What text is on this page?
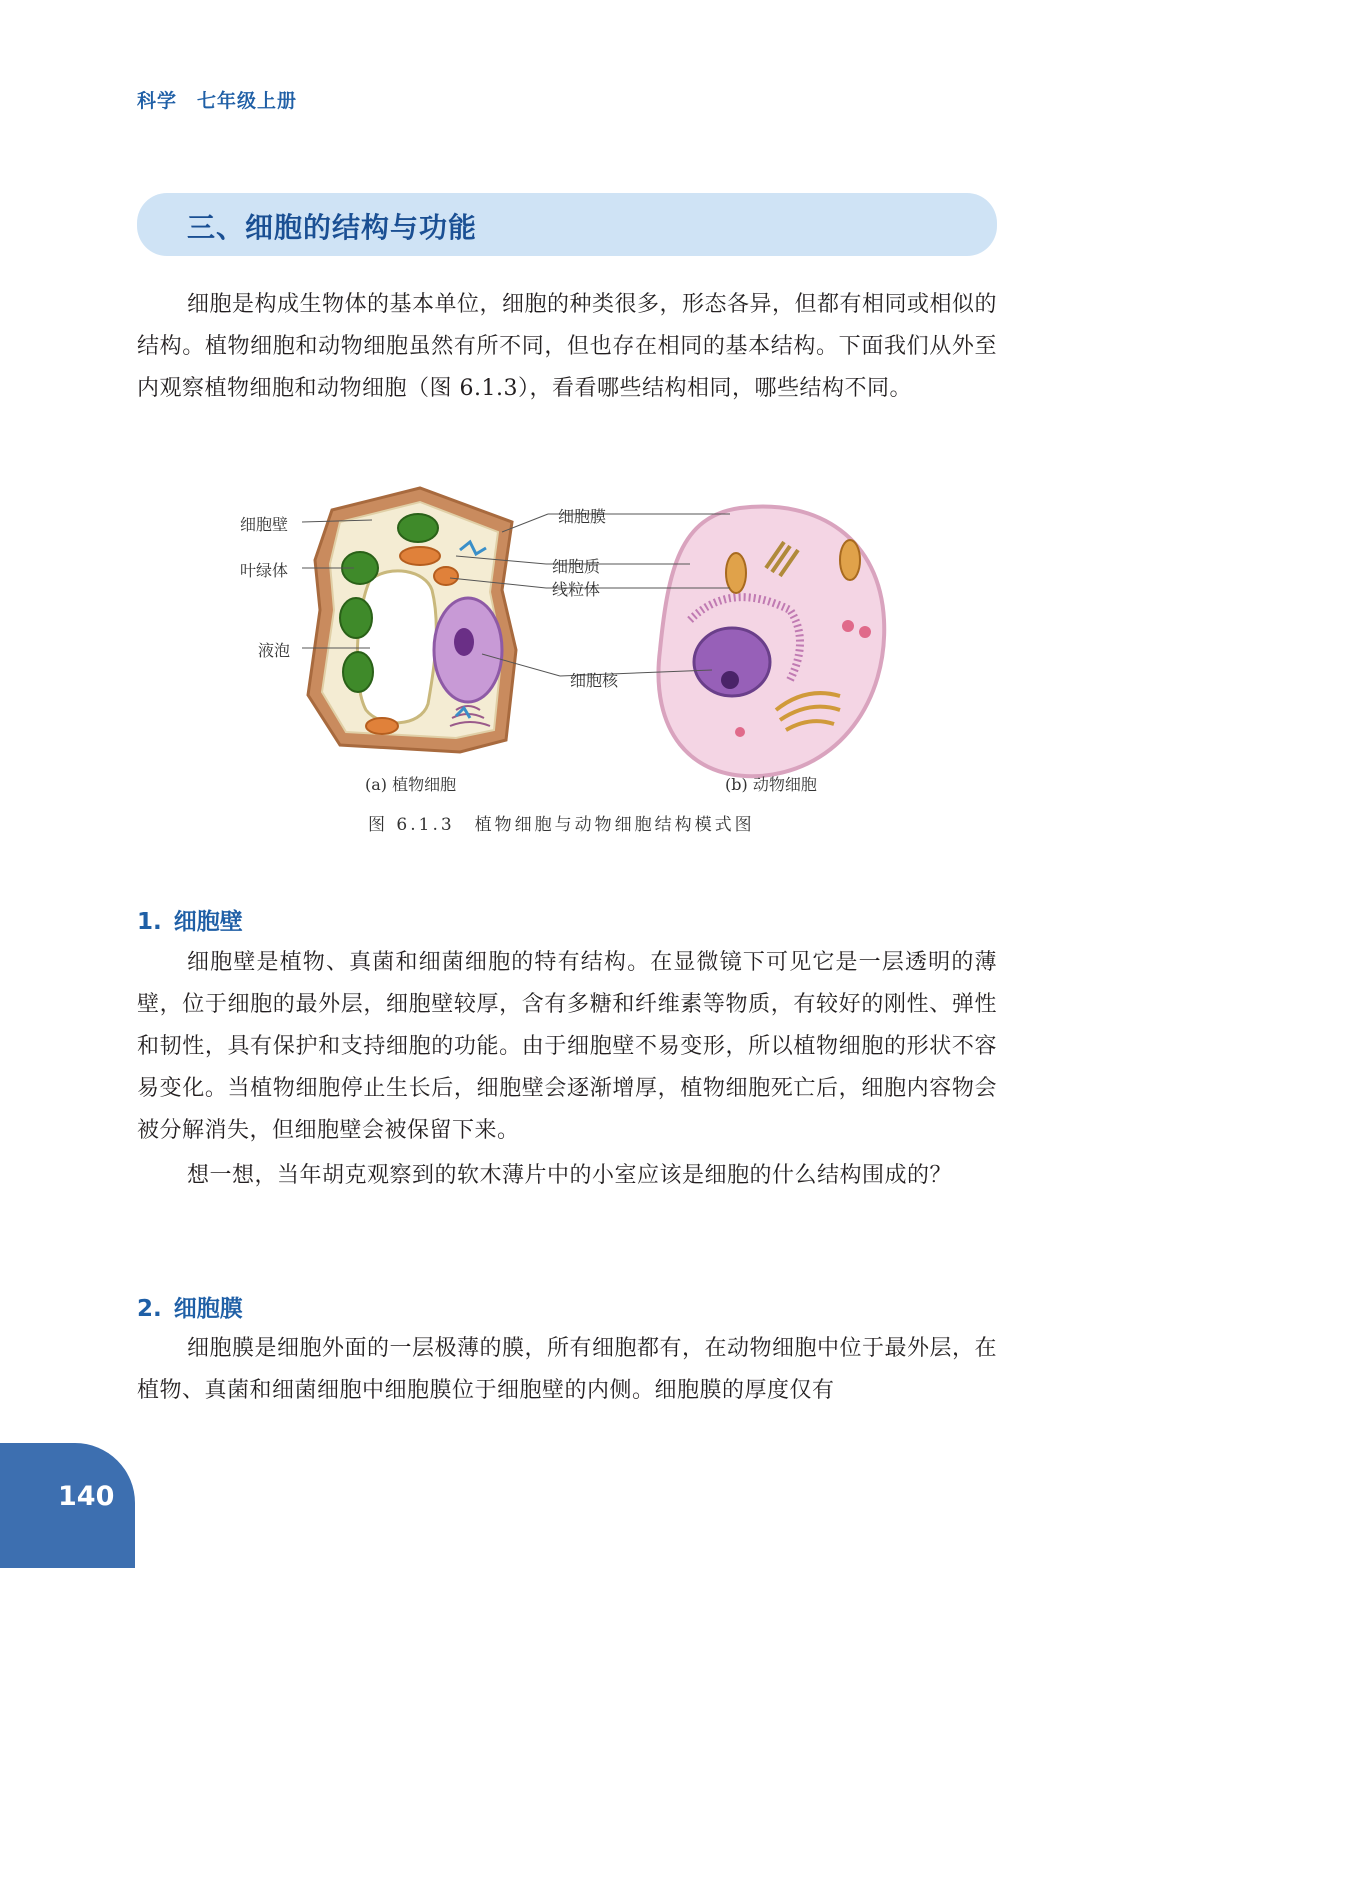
科学 七年级上册
三、细胞的结构与功能

细胞是构成生物体的基本单位，细胞的种类很多，形态各异，但都有相同或相似的结构。植物细胞和动物细胞虽然有所不同，但也存在相同的基本结构。下面我们从外至内观察植物细胞和动物细胞（图 6.1.3），看看哪些结构相同，哪些结构不同。

细胞壁
叶绿体
液泡
细胞膜
细胞质
线粒体
细胞核
(a) 植物细胞	(b) 动物细胞
图 6.1.3　植物细胞与动物细胞结构模式图
1. 细胞壁

细胞壁是植物、真菌和细菌细胞的特有结构。在显微镜下可见它是一层透明的薄壁，位于细胞的最外层，细胞壁较厚，含有多糖和纤维素等物质，有较好的刚性、弹性和韧性，具有保护和支持细胞的功能。由于细胞壁不易变形，所以植物细胞的形状不容易变化。当植物细胞停止生长后，细胞壁会逐渐增厚，植物细胞死亡后，细胞内容物会被分解消失，但细胞壁会被保留下来。

想一想，当年胡克观察到的软木薄片中的小室应该是细胞的什么结构围成的？

2. 细胞膜

细胞膜是细胞外面的一层极薄的膜，所有细胞都有，在动物细胞中位于最外层，在植物、真菌和细菌细胞中细胞膜位于细胞壁的内侧。细胞膜的厚度仅有

140
